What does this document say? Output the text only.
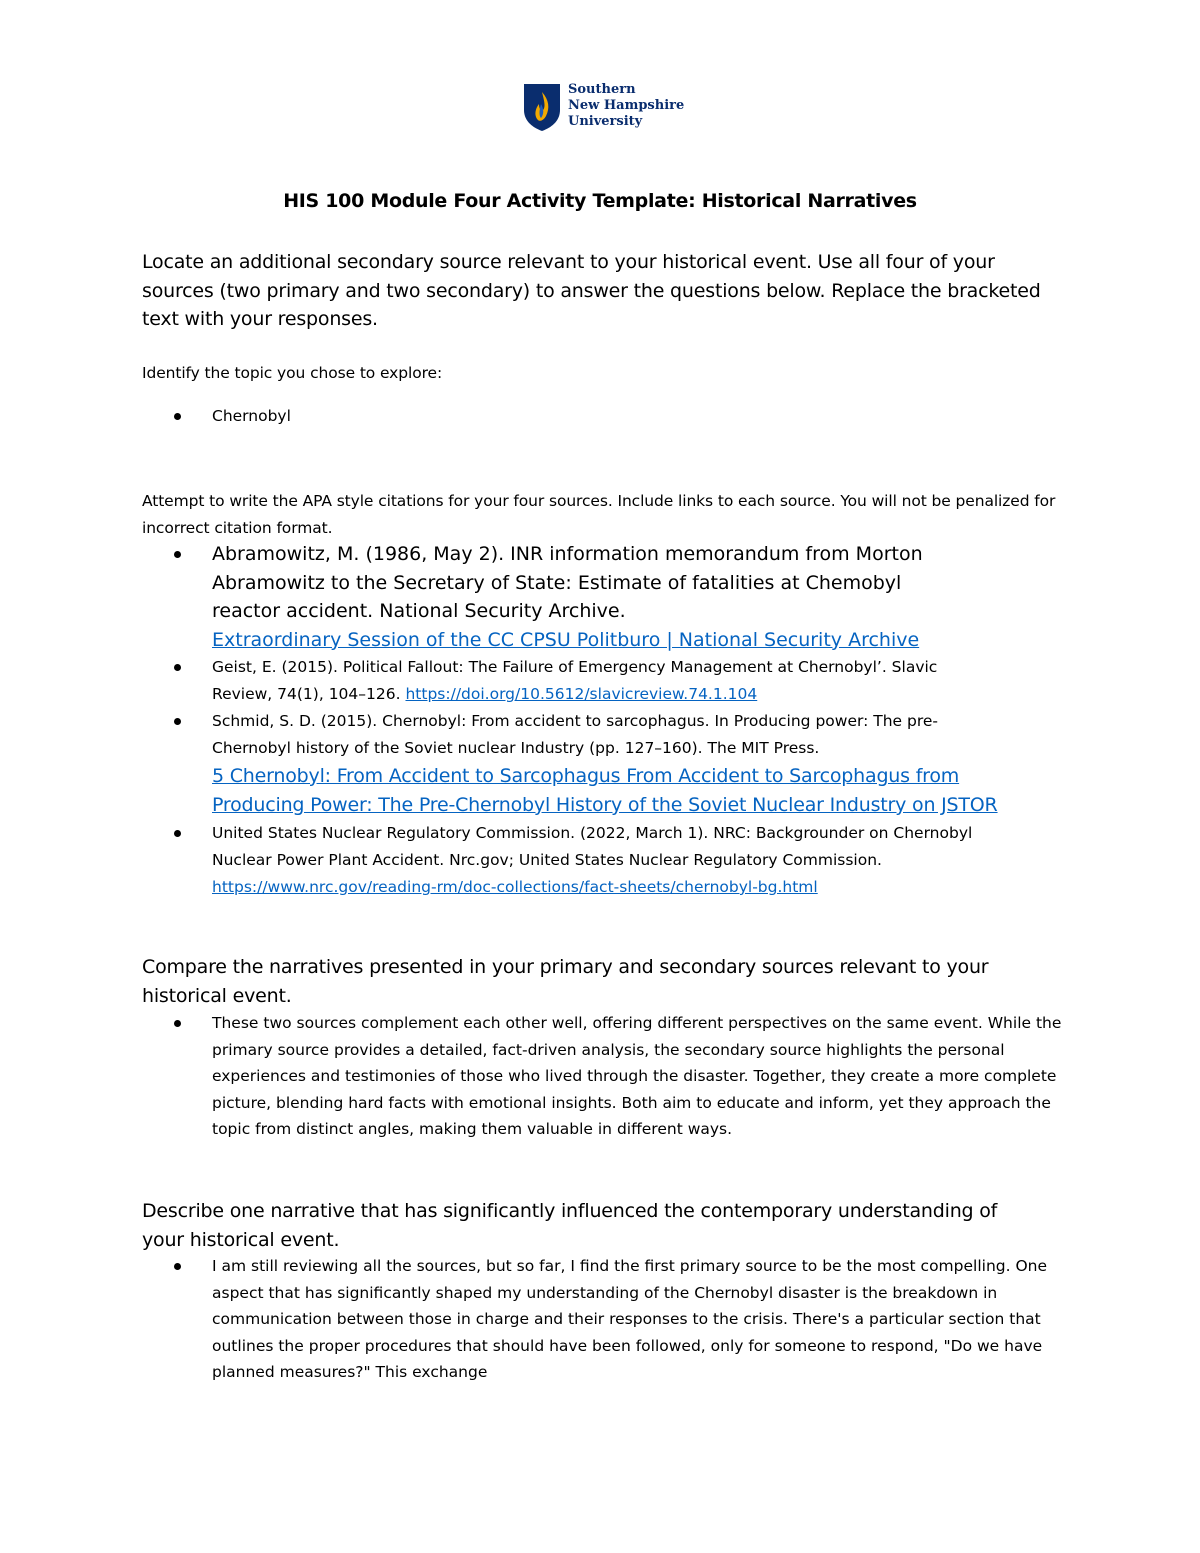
Southern
New Hampshire
University
HIS 100 Module Four Activity Template: Historical Narratives
Locate an additional secondary source relevant to your historical event. Use all four of your sources (two primary and two secondary) to answer the questions below. Replace the bracketed text with your responses.
Identify the topic you chose to explore:
Chernobyl
Attempt to write the APA style citations for your four sources. Include links to each source. You will not be penalized for incorrect citation format.
Abramowitz, M. (1986, May 2). INR information memorandum from Morton Abramowitz to the Secretary of State: Estimate of fatalities at Chemobyl reactor accident. National Security Archive.
Extraordinary Session of the CC CPSU Politburo | National Security Archive
Geist, E. (2015). Political Fallout: The Failure of Emergency Management at Chernobyl’. Slavic Review, 74(1), 104–126. https://doi.org/10.5612/slavicreview.74.1.104
Schmid, S. D. (2015). Chernobyl: From accident to sarcophagus. In Producing power: The pre-Chernobyl history of the Soviet nuclear Industry (pp. 127–160). The MIT Press.
5 Chernobyl: From Accident to Sarcophagus From Accident to Sarcophagus from Producing Power: The Pre-Chernobyl History of the Soviet Nuclear Industry on JSTOR
United States Nuclear Regulatory Commission. (2022, March 1). NRC: Backgrounder on Chernobyl Nuclear Power Plant Accident. Nrc.gov; United States Nuclear Regulatory Commission. https://www.nrc.gov/reading-rm/doc-collections/fact-sheets/chernobyl-bg.html
Compare the narratives presented in your primary and secondary sources relevant to your historical event.
These two sources complement each other well, offering different perspectives on the same event. While the primary source provides a detailed, fact-driven analysis, the secondary source highlights the personal experiences and testimonies of those who lived through the disaster. Together, they create a more complete picture, blending hard facts with emotional insights. Both aim to educate and inform, yet they approach the topic from distinct angles, making them valuable in different ways.
Describe one narrative that has significantly influenced the contemporary understanding of your historical event.
I am still reviewing all the sources, but so far, I find the first primary source to be the most compelling. One aspect that has significantly shaped my understanding of the Chernobyl disaster is the breakdown in communication between those in charge and their responses to the crisis. There's a particular section that outlines the proper procedures that should have been followed, only for someone to respond, "Do we have planned measures?" This exchange
